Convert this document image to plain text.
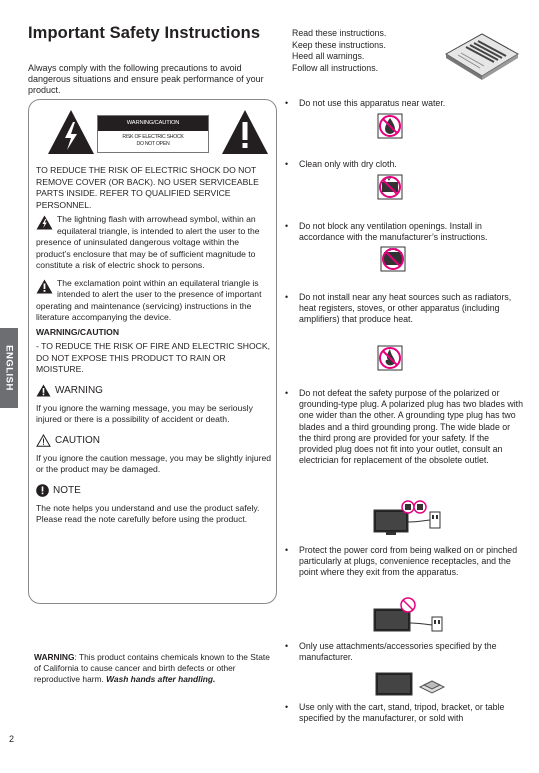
Important Safety Instructions
Always comply with the following precautions to avoid dangerous situations and ensure peak performance of your product.
WARNING/CAUTION
RISK OF ELECTRIC SHOCK
DO NOT OPEN
TO REDUCE THE RISK OF ELECTRIC SHOCK DO NOT REMOVE COVER (OR BACK). NO USER SERVICEABLE PARTS INSIDE. REFER TO QUALIFIED SERVICE PERSONNEL.
The lightning flash with arrowhead symbol, within an equilateral triangle, is intended to alert the user to the presence of uninsulated dangerous voltage within the product’s enclosure that may be of sufficient magnitude to constitute a risk of electric shock to persons.
The exclamation point within an equilateral triangle is intended to alert the user to the presence of important operating and maintenance (servicing) instructions in the literature accompanying the device.
WARNING/CAUTION
- TO REDUCE THE RISK OF FIRE AND ELECTRIC SHOCK, DO NOT EXPOSE THIS PRODUCT TO RAIN OR MOISTURE.
WARNING
If you ignore the warning message, you may be seriously injured or there is a possibility of accident or death.
CAUTION
If you ignore the caution message, you may be slightly injured or the product may be damaged.
NOTE
The note helps you understand and use the product safely. Please read the note carefully before using the product.
ENGLISH
WARNING: This product contains chemicals known to the State of California to cause cancer and birth defects or other reproductive harm. Wash hands after handling.
2
Read these instructions.
Keep these instructions.
Heed all warnings.
Follow all instructions.
• Do not use this apparatus near water.
• Clean only with dry cloth.
• Do not block any ventilation openings. Install in accordance with the manufacturer’s instructions.
• Do not install near any heat sources such as radiators, heat registers, stoves, or other apparatus (including amplifiers) that produce heat.
• Do not defeat the safety purpose of the polarized or grounding-type plug. A polarized plug has two blades with one wider than the other. A grounding type plug has two blades and a third grounding prong. The wide blade or the third prong are provided for your safety. If the provided plug does not fit into your outlet, consult an electrician for replacement of the obsolete outlet.
• Protect the power cord from being walked on or pinched particularly at plugs, convenience receptacles, and the point where they exit from the apparatus.
• Only use attachments/accessories specified by the manufacturer.
• Use only with the cart, stand, tripod, bracket, or table specified by the manufacturer, or sold with
